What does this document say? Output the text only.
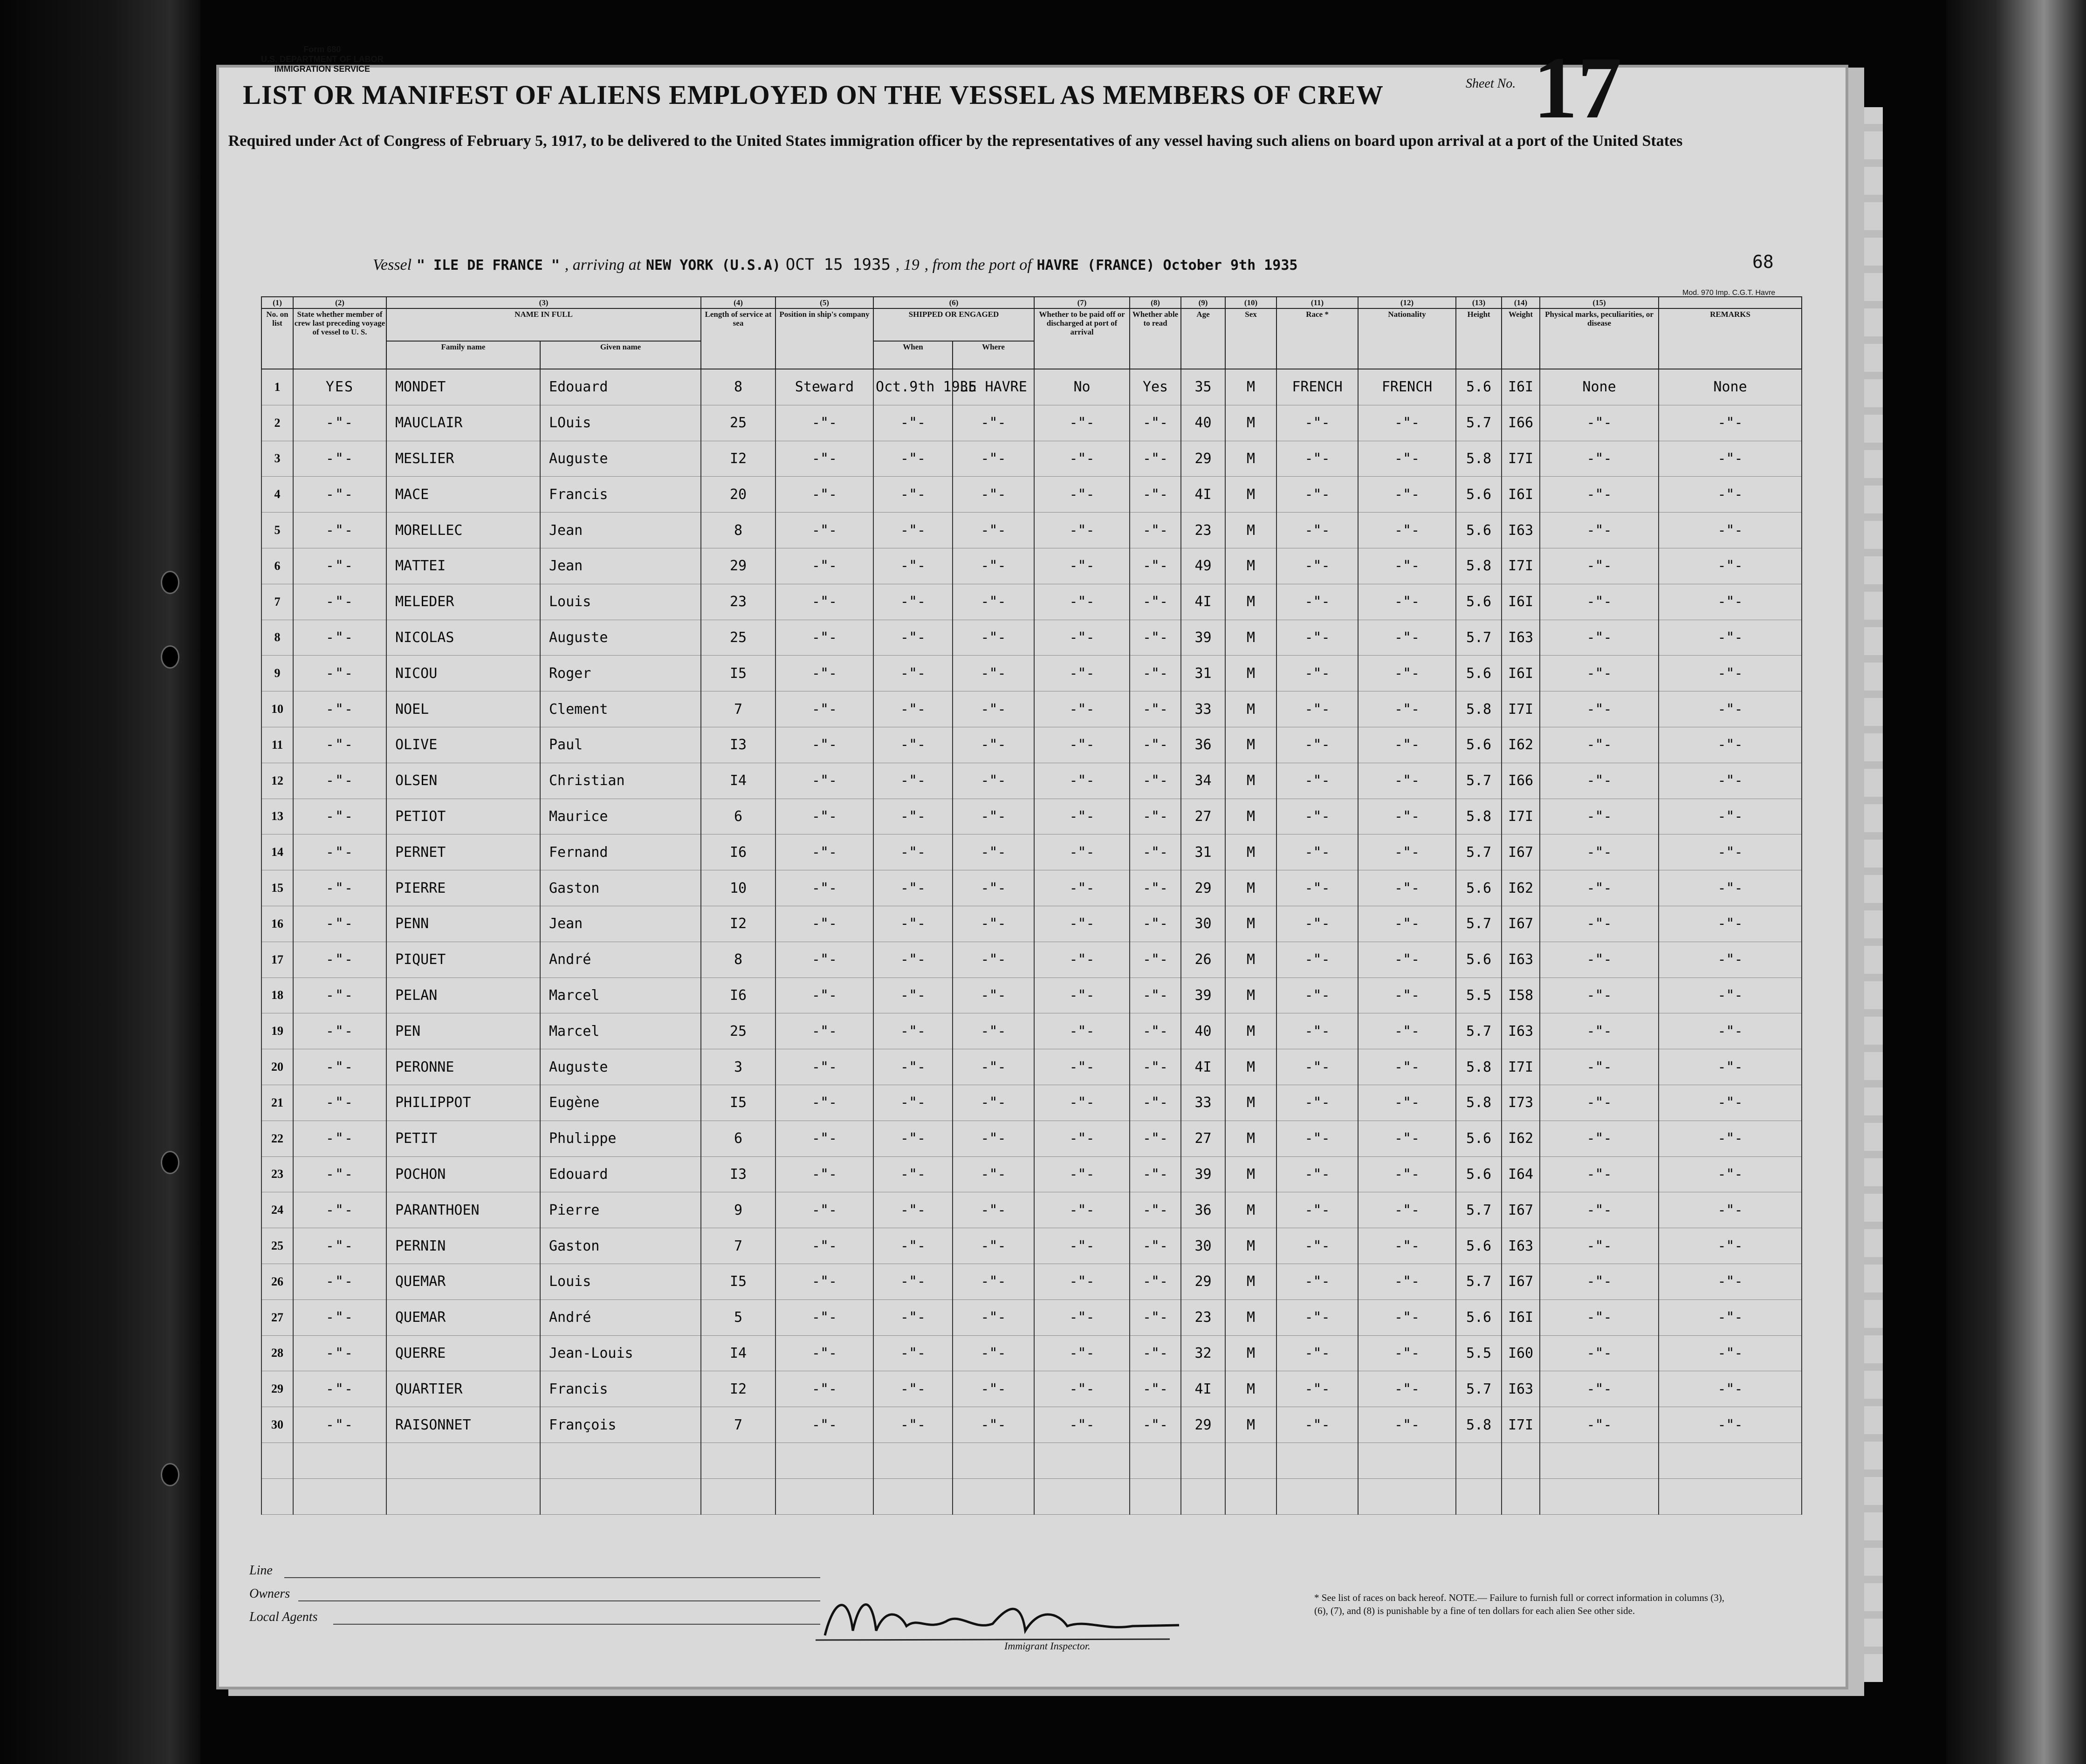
Form 680
U.S. DEPARTMENT OF LABOR
IMMIGRATION SERVICE
LIST OR MANIFEST OF ALIENS EMPLOYED ON THE VESSEL AS MEMBERS OF CREW	Sheet No. 17
Required under Act of Congress of February 5, 1917, to be delivered to the United States immigration officer by the representatives of any vessel having such aliens on board upon arrival at a port of the United States
68
Vessel " ILE DE FRANCE " , arriving at NEW YORK (U.S.A) OCT 15 1935 , 19 , from the port of HAVRE (FRANCE) October 9th 1935
Mod. 970 Imp. C.G.T. Havre
(1)	(2)	(3)		(4)	(5)	(6)		(7)	(8)	(9)	(10)	(11)	(12)	(13)	(14)	(15)	
No. on list	State whether member of crew last preceding voyage of vessel to U. S.	NAME IN FULL		Length of service at sea	Position in ship's company	SHIPPED OR ENGAGED		Whether to be paid off or discharged at port of arrival	Whether able to read	Age	Sex	Race *	Nationality	Height	Weight	Physical marks, peculiarities, or disease	REMARKS
		Family name	Given name			When	Where										
1	YES	MONDET	Edouard	8	Steward	Oct.9th 1935	LE HAVRE	No	Yes	35	M	FRENCH	FRENCH	5.6	I6I	None	None
2	-"-	MAUCLAIR	LOuis	25	-"-	-"-	-"-	-"-	-"-	40	M	-"-	-"-	5.7	I66	-"-	-"-
3	-"-	MESLIER	Auguste	I2	-"-	-"-	-"-	-"-	-"-	29	M	-"-	-"-	5.8	I7I	-"-	-"-
4	-"-	MACE	Francis	20	-"-	-"-	-"-	-"-	-"-	4I	M	-"-	-"-	5.6	I6I	-"-	-"-
5	-"-	MORELLEC	Jean	8	-"-	-"-	-"-	-"-	-"-	23	M	-"-	-"-	5.6	I63	-"-	-"-
6	-"-	MATTEI	Jean	29	-"-	-"-	-"-	-"-	-"-	49	M	-"-	-"-	5.8	I7I	-"-	-"-
7	-"-	MELEDER	Louis	23	-"-	-"-	-"-	-"-	-"-	4I	M	-"-	-"-	5.6	I6I	-"-	-"-
8	-"-	NICOLAS	Auguste	25	-"-	-"-	-"-	-"-	-"-	39	M	-"-	-"-	5.7	I63	-"-	-"-
9	-"-	NICOU	Roger	I5	-"-	-"-	-"-	-"-	-"-	31	M	-"-	-"-	5.6	I6I	-"-	-"-
10	-"-	NOEL	Clement	7	-"-	-"-	-"-	-"-	-"-	33	M	-"-	-"-	5.8	I7I	-"-	-"-
11	-"-	OLIVE	Paul	I3	-"-	-"-	-"-	-"-	-"-	36	M	-"-	-"-	5.6	I62	-"-	-"-
12	-"-	OLSEN	Christian	I4	-"-	-"-	-"-	-"-	-"-	34	M	-"-	-"-	5.7	I66	-"-	-"-
13	-"-	PETIOT	Maurice	6	-"-	-"-	-"-	-"-	-"-	27	M	-"-	-"-	5.8	I7I	-"-	-"-
14	-"-	PERNET	Fernand	I6	-"-	-"-	-"-	-"-	-"-	31	M	-"-	-"-	5.7	I67	-"-	-"-
15	-"-	PIERRE	Gaston	10	-"-	-"-	-"-	-"-	-"-	29	M	-"-	-"-	5.6	I62	-"-	-"-
16	-"-	PENN	Jean	I2	-"-	-"-	-"-	-"-	-"-	30	M	-"-	-"-	5.7	I67	-"-	-"-
17	-"-	PIQUET	André	8	-"-	-"-	-"-	-"-	-"-	26	M	-"-	-"-	5.6	I63	-"-	-"-
18	-"-	PELAN	Marcel	I6	-"-	-"-	-"-	-"-	-"-	39	M	-"-	-"-	5.5	I58	-"-	-"-
19	-"-	PEN	Marcel	25	-"-	-"-	-"-	-"-	-"-	40	M	-"-	-"-	5.7	I63	-"-	-"-
20	-"-	PERONNE	Auguste	3	-"-	-"-	-"-	-"-	-"-	4I	M	-"-	-"-	5.8	I7I	-"-	-"-
21	-"-	PHILIPPOT	Eugène	I5	-"-	-"-	-"-	-"-	-"-	33	M	-"-	-"-	5.8	I73	-"-	-"-
22	-"-	PETIT	Phulippe	6	-"-	-"-	-"-	-"-	-"-	27	M	-"-	-"-	5.6	I62	-"-	-"-
23	-"-	POCHON	Edouard	I3	-"-	-"-	-"-	-"-	-"-	39	M	-"-	-"-	5.6	I64	-"-	-"-
24	-"-	PARANTHOEN	Pierre	9	-"-	-"-	-"-	-"-	-"-	36	M	-"-	-"-	5.7	I67	-"-	-"-
25	-"-	PERNIN	Gaston	7	-"-	-"-	-"-	-"-	-"-	30	M	-"-	-"-	5.6	I63	-"-	-"-
26	-"-	QUEMAR	Louis	I5	-"-	-"-	-"-	-"-	-"-	29	M	-"-	-"-	5.7	I67	-"-	-"-
27	-"-	QUEMAR	André	5	-"-	-"-	-"-	-"-	-"-	23	M	-"-	-"-	5.6	I6I	-"-	-"-
28	-"-	QUERRE	Jean-Louis	I4	-"-	-"-	-"-	-"-	-"-	32	M	-"-	-"-	5.5	I60	-"-	-"-
29	-"-	QUARTIER	Francis	I2	-"-	-"-	-"-	-"-	-"-	4I	M	-"-	-"-	5.7	I63	-"-	-"-
30	-"-	RAISONNET	François	7	-"-	-"-	-"-	-"-	-"-	29	M	-"-	-"-	5.8	I7I	-"-	-"-

Line
Owners
Local Agents
Immigrant Inspector.
* See list of races on back hereof. NOTE.— Failure to furnish full or correct information in columns (3), (6), (7), and (8) is punishable by a fine of ten dollars for each alien See other side.
